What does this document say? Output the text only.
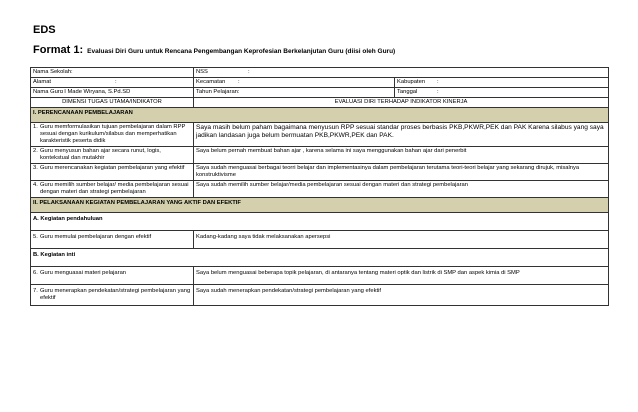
EDS
Format 1: Evaluasi Diri Guru untuk Rencana Pengembangan Keprofesian Berkelanjutan Guru (diisi oleh Guru)
Nama Sekolah:	NSS :	
Alamat :	Kecamatan :	Kabupaten :
Nama Guru: I Made Wiryana, S.Pd.SD	Tahun Pelajaran:	Tanggal :
DIMENSI TUGAS UTAMA/INDIKATOR	EVALUASI DIRI TERHADAP INDIKATOR KINERJA	
I. PERENCANAAN PEMBELAJARAN		

1. Guru memformulasikan tujuan pembelajaran dalam RPP sesuai dengan kurikulum/silabus dan memperhatikan karakteristik peserta didik	Saya masih belum paham bagaimana menyusun RPP sesuai standar proses berbasis PKB,PKWR,PEK dan PAK Karena silabus yang saya jadikan landasan juga belum bermuatan PKB,PKWR,PEK dan PAK.	

2. Guru menyusun bahan ajar secara runut, logis, kontekstual dan mutakhir	Saya belum pernah membuat bahan ajar , karena selama ini saya menggunakan bahan ajar dari penerbit	

3. Guru merencanakan kegiatan pembelajaran yang efektif	Saya sudah menguasai berbagai teorri belajar dan implementasinya dalam pembelajaran terutama teori-teori belajar yang sekarang dirujuk, misalnya konstruktivisme	

4. Guru memilih sumber belajar/ media pembelajaran sesuai dengan materi dan strategi pembelajaran	Saya sudah memilih sumber belajar/media pembelajaran sesuai dengan materi dan strategi pembelajaran	
II. PELAKSANAAN KEGIATAN PEMBELAJARAN YANG AKTIF DAN EFEKTIF		
A. Kegiatan pendahuluan		

5. Guru memulai pembelajaran dengan efektif	Kadang-kadang saya tidak melaksanakan apersepsi	
B. Kegiatan inti		

6. Guru menguasai materi pelajaran	Saya belum menguasai beberapa topik pelajaran, di antaranya tentang materi optik dan listrik di SMP dan aspek kimia di SMP	

7. Guru menerapkan pendekatan/strategi pembelajaran yang efektif	Saya sudah menerapkan pendekatan/strategi pembelajaran yang efektif	
